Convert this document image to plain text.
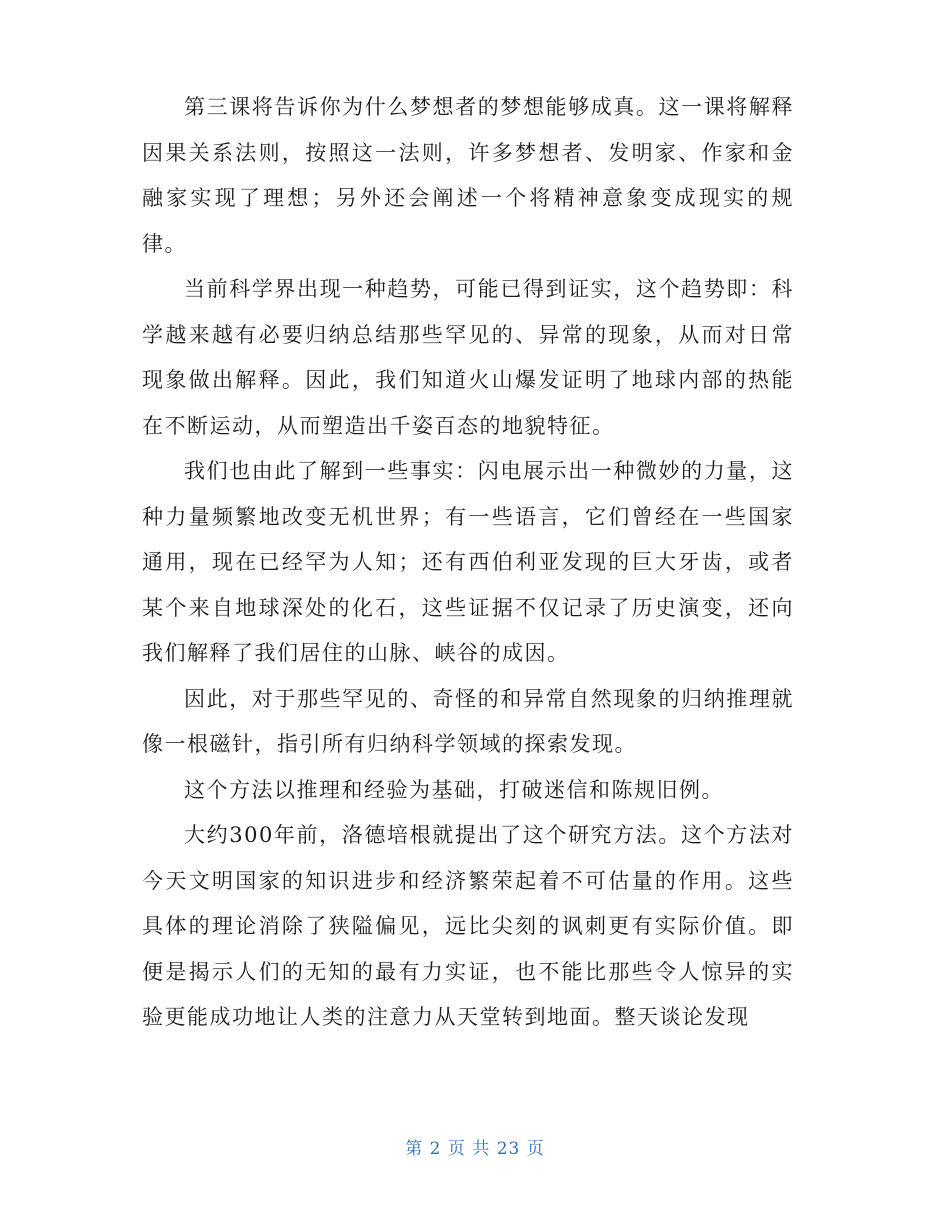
第三课将告诉你为什么梦想者的梦想能够成真。这一课将解释因果关系法则，按照这一法则，许多梦想者、发明家、作家和金融家实现了理想；另外还会阐述一个将精神意象变成现实的规律。

当前科学界出现一种趋势，可能已得到证实，这个趋势即：科学越来越有必要归纳总结那些罕见的、异常的现象，从而对日常现象做出解释。因此，我们知道火山爆发证明了地球内部的热能在不断运动，从而塑造出千姿百态的地貌特征。

我们也由此了解到一些事实：闪电展示出一种微妙的力量，这种力量频繁地改变无机世界；有一些语言，它们曾经在一些国家通用，现在已经罕为人知；还有西伯利亚发现的巨大牙齿，或者某个来自地球深处的化石，这些证据不仅记录了历史演变，还向我们解释了我们居住的山脉、峡谷的成因。

因此，对于那些罕见的、奇怪的和异常自然现象的归纳推理就像一根磁针，指引所有归纳科学领域的探索发现。

这个方法以推理和经验为基础，打破迷信和陈规旧例。

大约300年前，洛德培根就提出了这个研究方法。这个方法对今天文明国家的知识进步和经济繁荣起着不可估量的作用。这些具体的理论消除了狭隘偏见，远比尖刻的讽刺更有实际价值。即便是揭示人们的无知的最有力实证，也不能比那些令人惊异的实验更能成功地让人类的注意力从天堂转到地面。整天谈论发现

第 2 页 共 23 页
